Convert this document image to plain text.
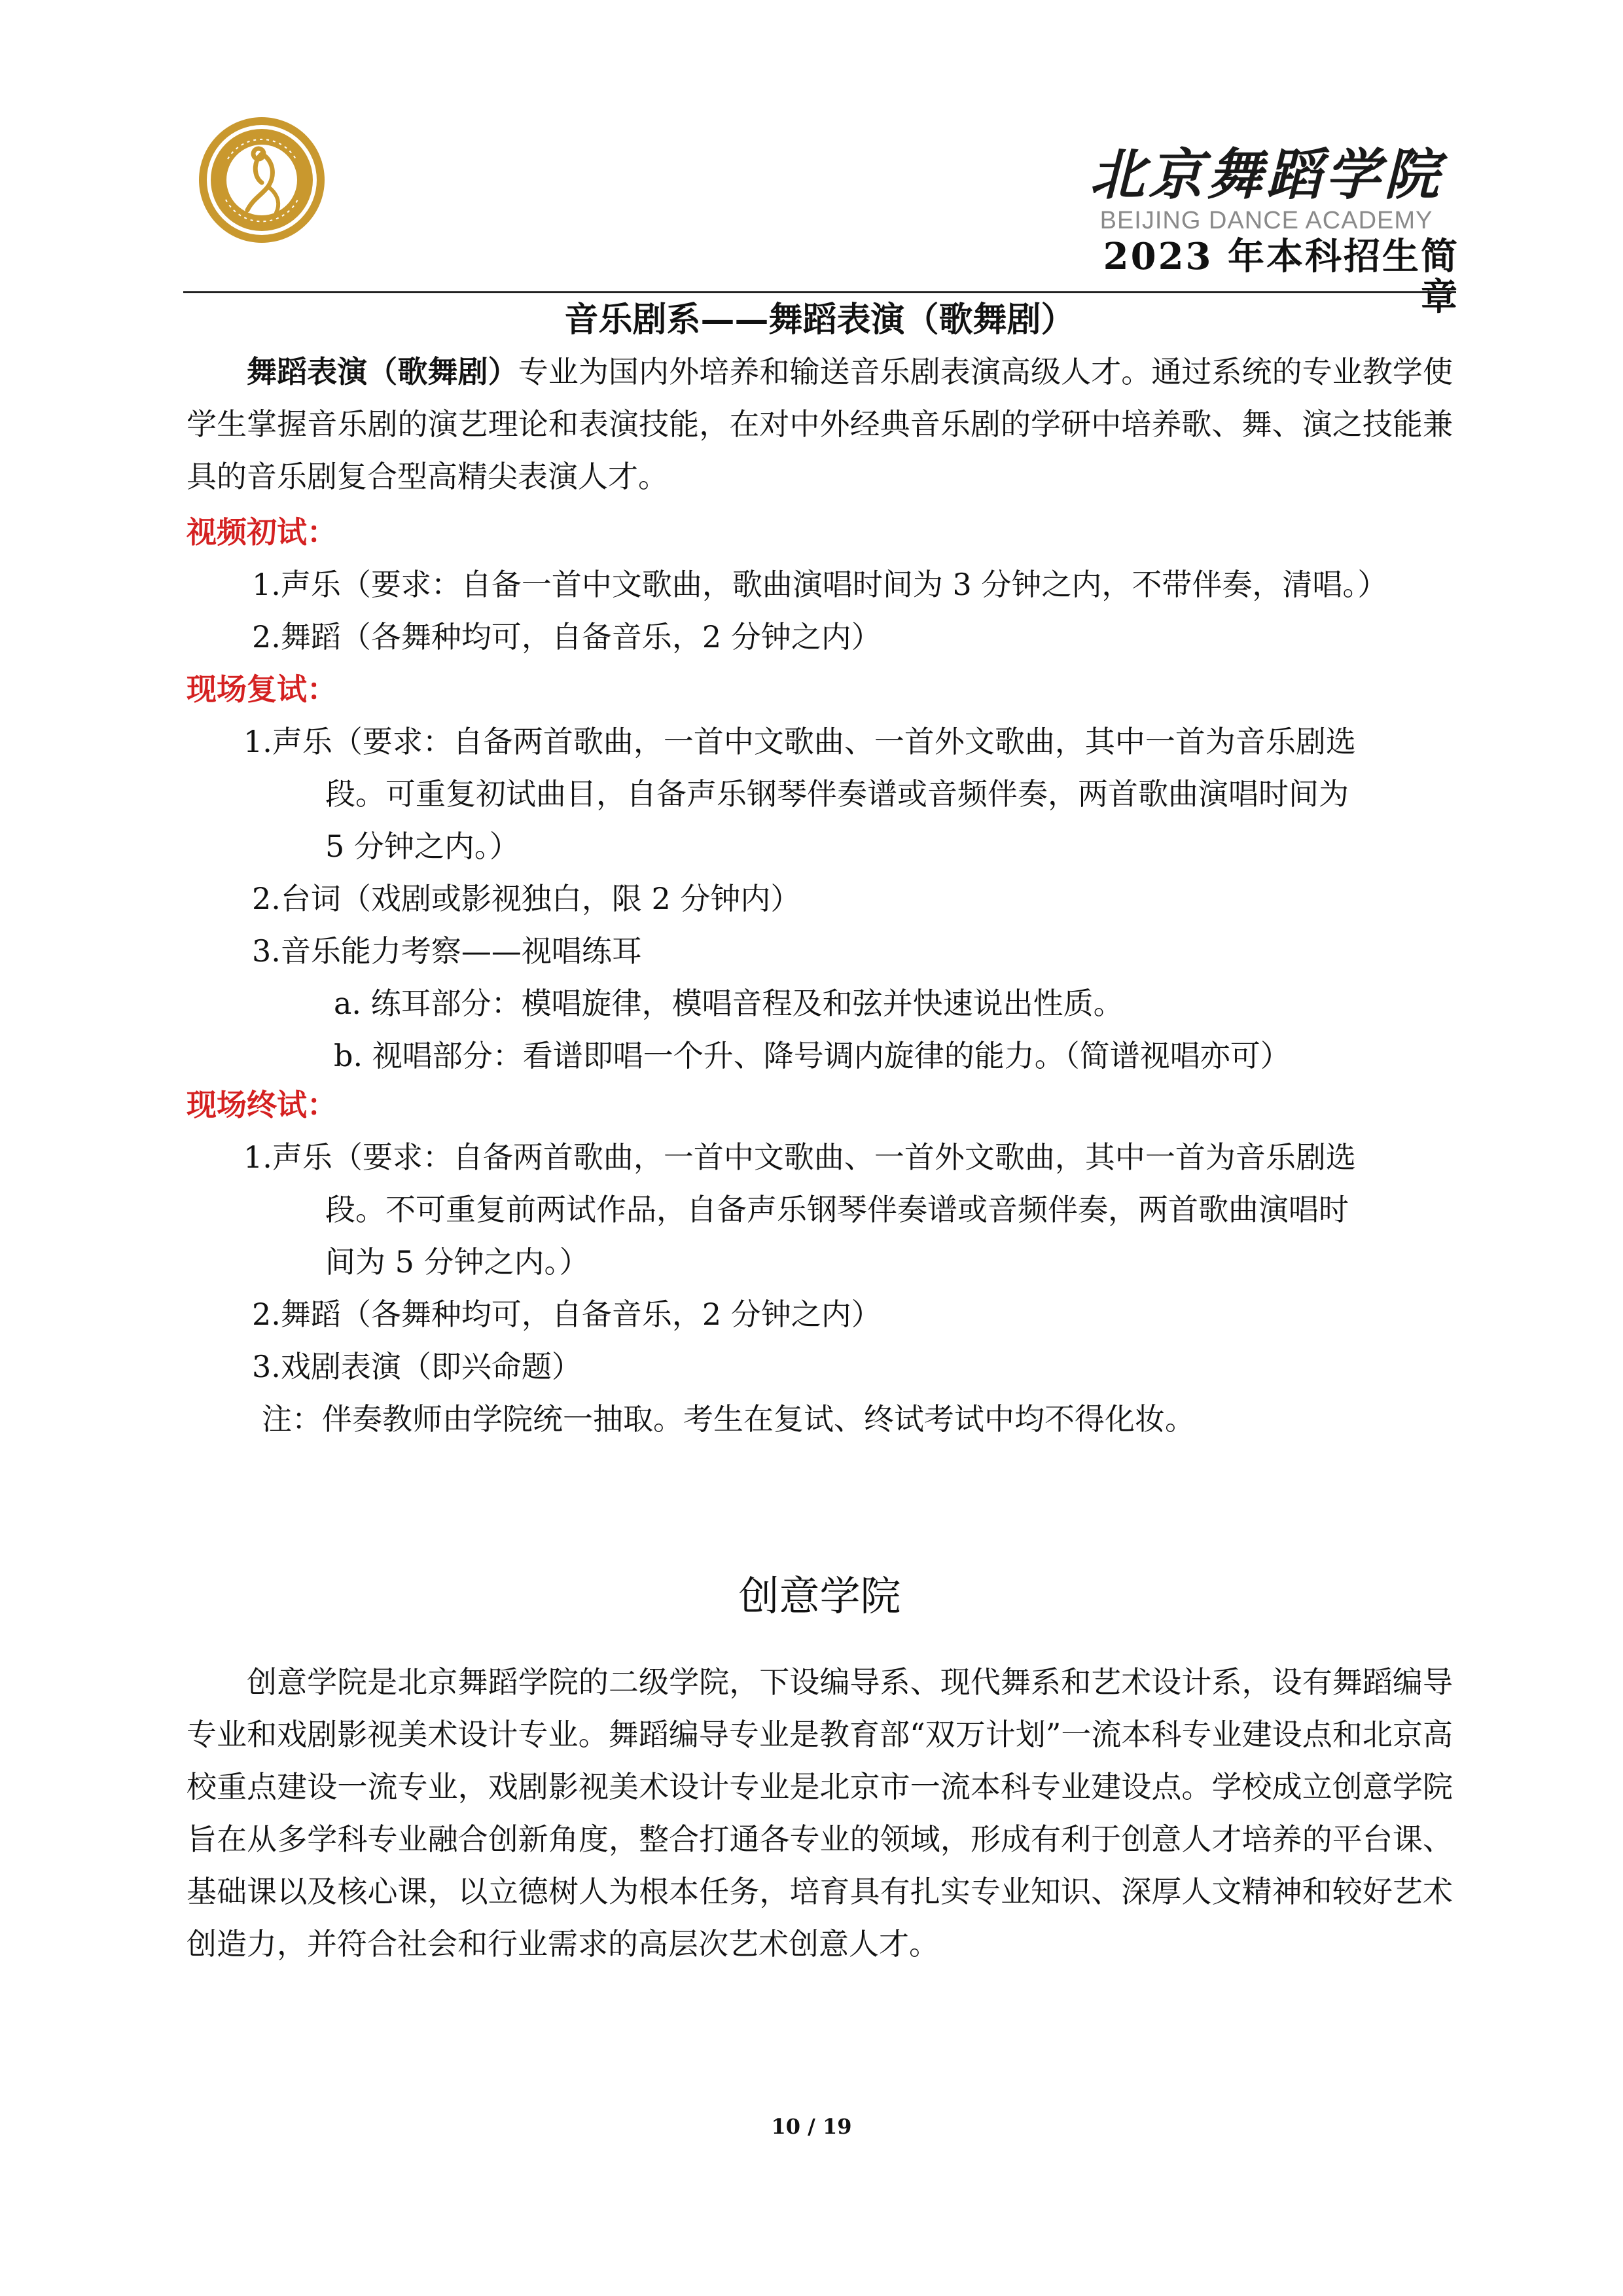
北京舞蹈学院
BEIJING DANCE ACADEMY
2023 年本科招生简章
音乐剧系——舞蹈表演（歌舞剧）

舞蹈表演（歌舞剧）专业为国内外培养和输送音乐剧表演高级人才。通过系统的专业教学使学生掌握音乐剧的演艺理论和表演技能，在对中外经典音乐剧的学研中培养歌、舞、演之技能兼具的音乐剧复合型高精尖表演人才。

视频初试：
1.声乐（要求：自备一首中文歌曲，歌曲演唱时间为 3 分钟之内，不带伴奏，清唱。）
2.舞蹈（各舞种均可，自备音乐，2 分钟之内）
现场复试：
1.声乐（要求：自备两首歌曲，一首中文歌曲、一首外文歌曲，其中一首为音乐剧选
段。可重复初试曲目，自备声乐钢琴伴奏谱或音频伴奏，两首歌曲演唱时间为
5 分钟之内。）
2.台词（戏剧或影视独白，限 2 分钟内）
3.音乐能力考察——视唱练耳
a. 练耳部分：模唱旋律，模唱音程及和弦并快速说出性质。
b. 视唱部分：看谱即唱一个升、降号调内旋律的能力。（简谱视唱亦可）
现场终试：
1.声乐（要求：自备两首歌曲，一首中文歌曲、一首外文歌曲，其中一首为音乐剧选
段。不可重复前两试作品，自备声乐钢琴伴奏谱或音频伴奏，两首歌曲演唱时
间为 5 分钟之内。）
2.舞蹈（各舞种均可，自备音乐，2 分钟之内）
3.戏剧表演（即兴命题）
注：伴奏教师由学院统一抽取。考生在复试、终试考试中均不得化妆。
创意学院

创意学院是北京舞蹈学院的二级学院，下设编导系、现代舞系和艺术设计系，设有舞蹈编导专业和戏剧影视美术设计专业。舞蹈编导专业是教育部“双万计划”一流本科专业建设点和北京高校重点建设一流专业，戏剧影视美术设计专业是北京市一流本科专业建设点。学校成立创意学院旨在从多学科专业融合创新角度，整合打通各专业的领域，形成有利于创意人才培养的平台课、基础课以及核心课，以立德树人为根本任务，培育具有扎实专业知识、深厚人文精神和较好艺术创造力，并符合社会和行业需求的高层次艺术创意人才。

10 / 19
